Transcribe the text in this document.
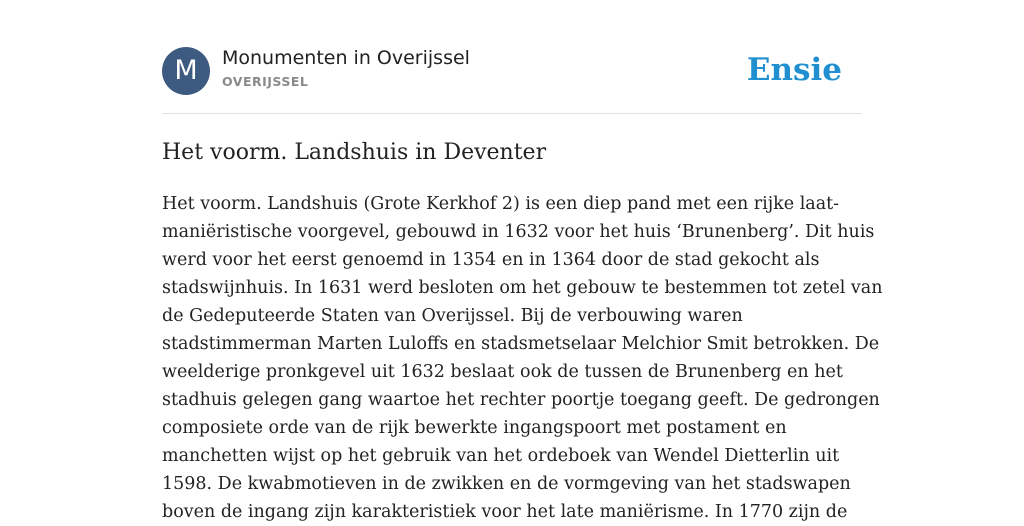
M	Monumenten in Overijssel
OVERIJSSEL	Ensie
Het voorm. Landshuis in Deventer
Het voorm. Landshuis (Grote Kerkhof 2) is een diep pand met een rijke laat-
maniëristische voorgevel, gebouwd in 1632 voor het huis ‘Brunenberg’. Dit huis
werd voor het eerst genoemd in 1354 en in 1364 door de stad gekocht als
stadswijnhuis. In 1631 werd besloten om het gebouw te bestemmen tot zetel van
de Gedeputeerde Staten van Overijssel. Bij de verbouwing waren
stadstimmerman Marten Luloffs en stadsmetselaar Melchior Smit betrokken. De
weelderige pronkgevel uit 1632 beslaat ook de tussen de Brunenberg en het
stadhuis gelegen gang waartoe het rechter poortje toegang geeft. De gedrongen
composiete orde van de rijk bewerkte ingangspoort met postament en
manchetten wijst op het gebruik van het ordeboek van Wendel Dietterlin uit
1598. De kwabmotieven in de zwikken en de vormgeving van het stadswapen
boven de ingang zijn karakteristiek voor het late maniërisme. In 1770 zijn de
